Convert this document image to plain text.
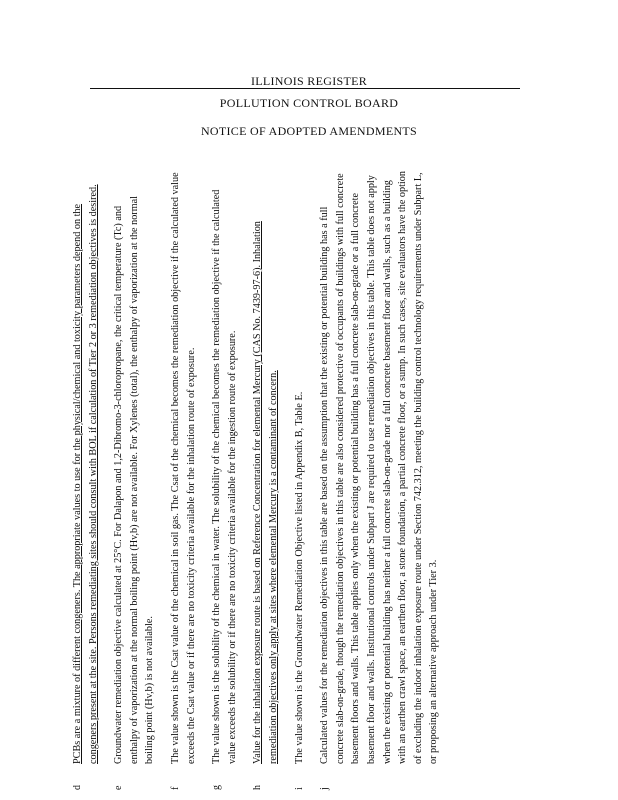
ILLINOIS REGISTER
POLLUTION CONTROL BOARD
NOTICE OF ADOPTED AMENDMENTS
d
PCBs are a mixture of different congeners. The appropriate values to use for the physical/chemical and toxicity parameters depend on the congeners present at the site. Persons remediating sites should consult with BOL if calculation of Tier 2 or 3 remediation objectives is desired.
e
Groundwater remediation objective calculated at 25°C. For Dalapon and 1,2-Dibromo-3-chloropropane, the critical temperature (Tc) and enthalpy of vaporization at the normal boiling point (Hv,b) are not available. For Xylenes (total), the enthalpy of vaporization at the normal boiling point (Hv,b) is not available.
f
The value shown is the Csat value of the chemical in soil gas. The Csat of the chemical becomes the remediation objective if the calculated value exceeds the Csat value or if there are no toxicity criteria available for the inhalation route of exposure.
g
The value shown is the solubility of the chemical in water. The solubility of the chemical becomes the remediation objective if the calculated value exceeds the solubility or if there are no toxicity criteria available for the ingestion route of exposure.
h
Value for the inhalation exposure route is based on Reference Concentration for elemental Mercury (CAS No. 7439-97-6). Inhalation remediation objectives only apply at sites where elemental Mercury is a contaminant of concern.
i
The value shown is the Groundwater Remediation Objective listed in Appendix B, Table E.
j
Calculated values for the remediation objectives in this table are based on the assumption that the existing or potential building has a full concrete slab-on-grade, though the remediation objectives in this table are also considered protective of occupants of buildings with full concrete basement floors and walls. This table applies only when the existing or potential building has a full concrete slab-on-grade or a full concrete basement floor and walls. Institutional controls under Subpart J are required to use remediation objectives in this table. This table does not apply when the existing or potential building has neither a full concrete slab-on-grade nor a full concrete basement floor and walls, such as a building with an earthen crawl space, an earthen floor, a stone foundation, a partial concrete floor, or a sump. In such cases, site evaluators have the option of excluding the indoor inhalation exposure route under Section 742.312, meeting the building control technology requirements under Subpart L, or proposing an alternative approach under Tier 3.
